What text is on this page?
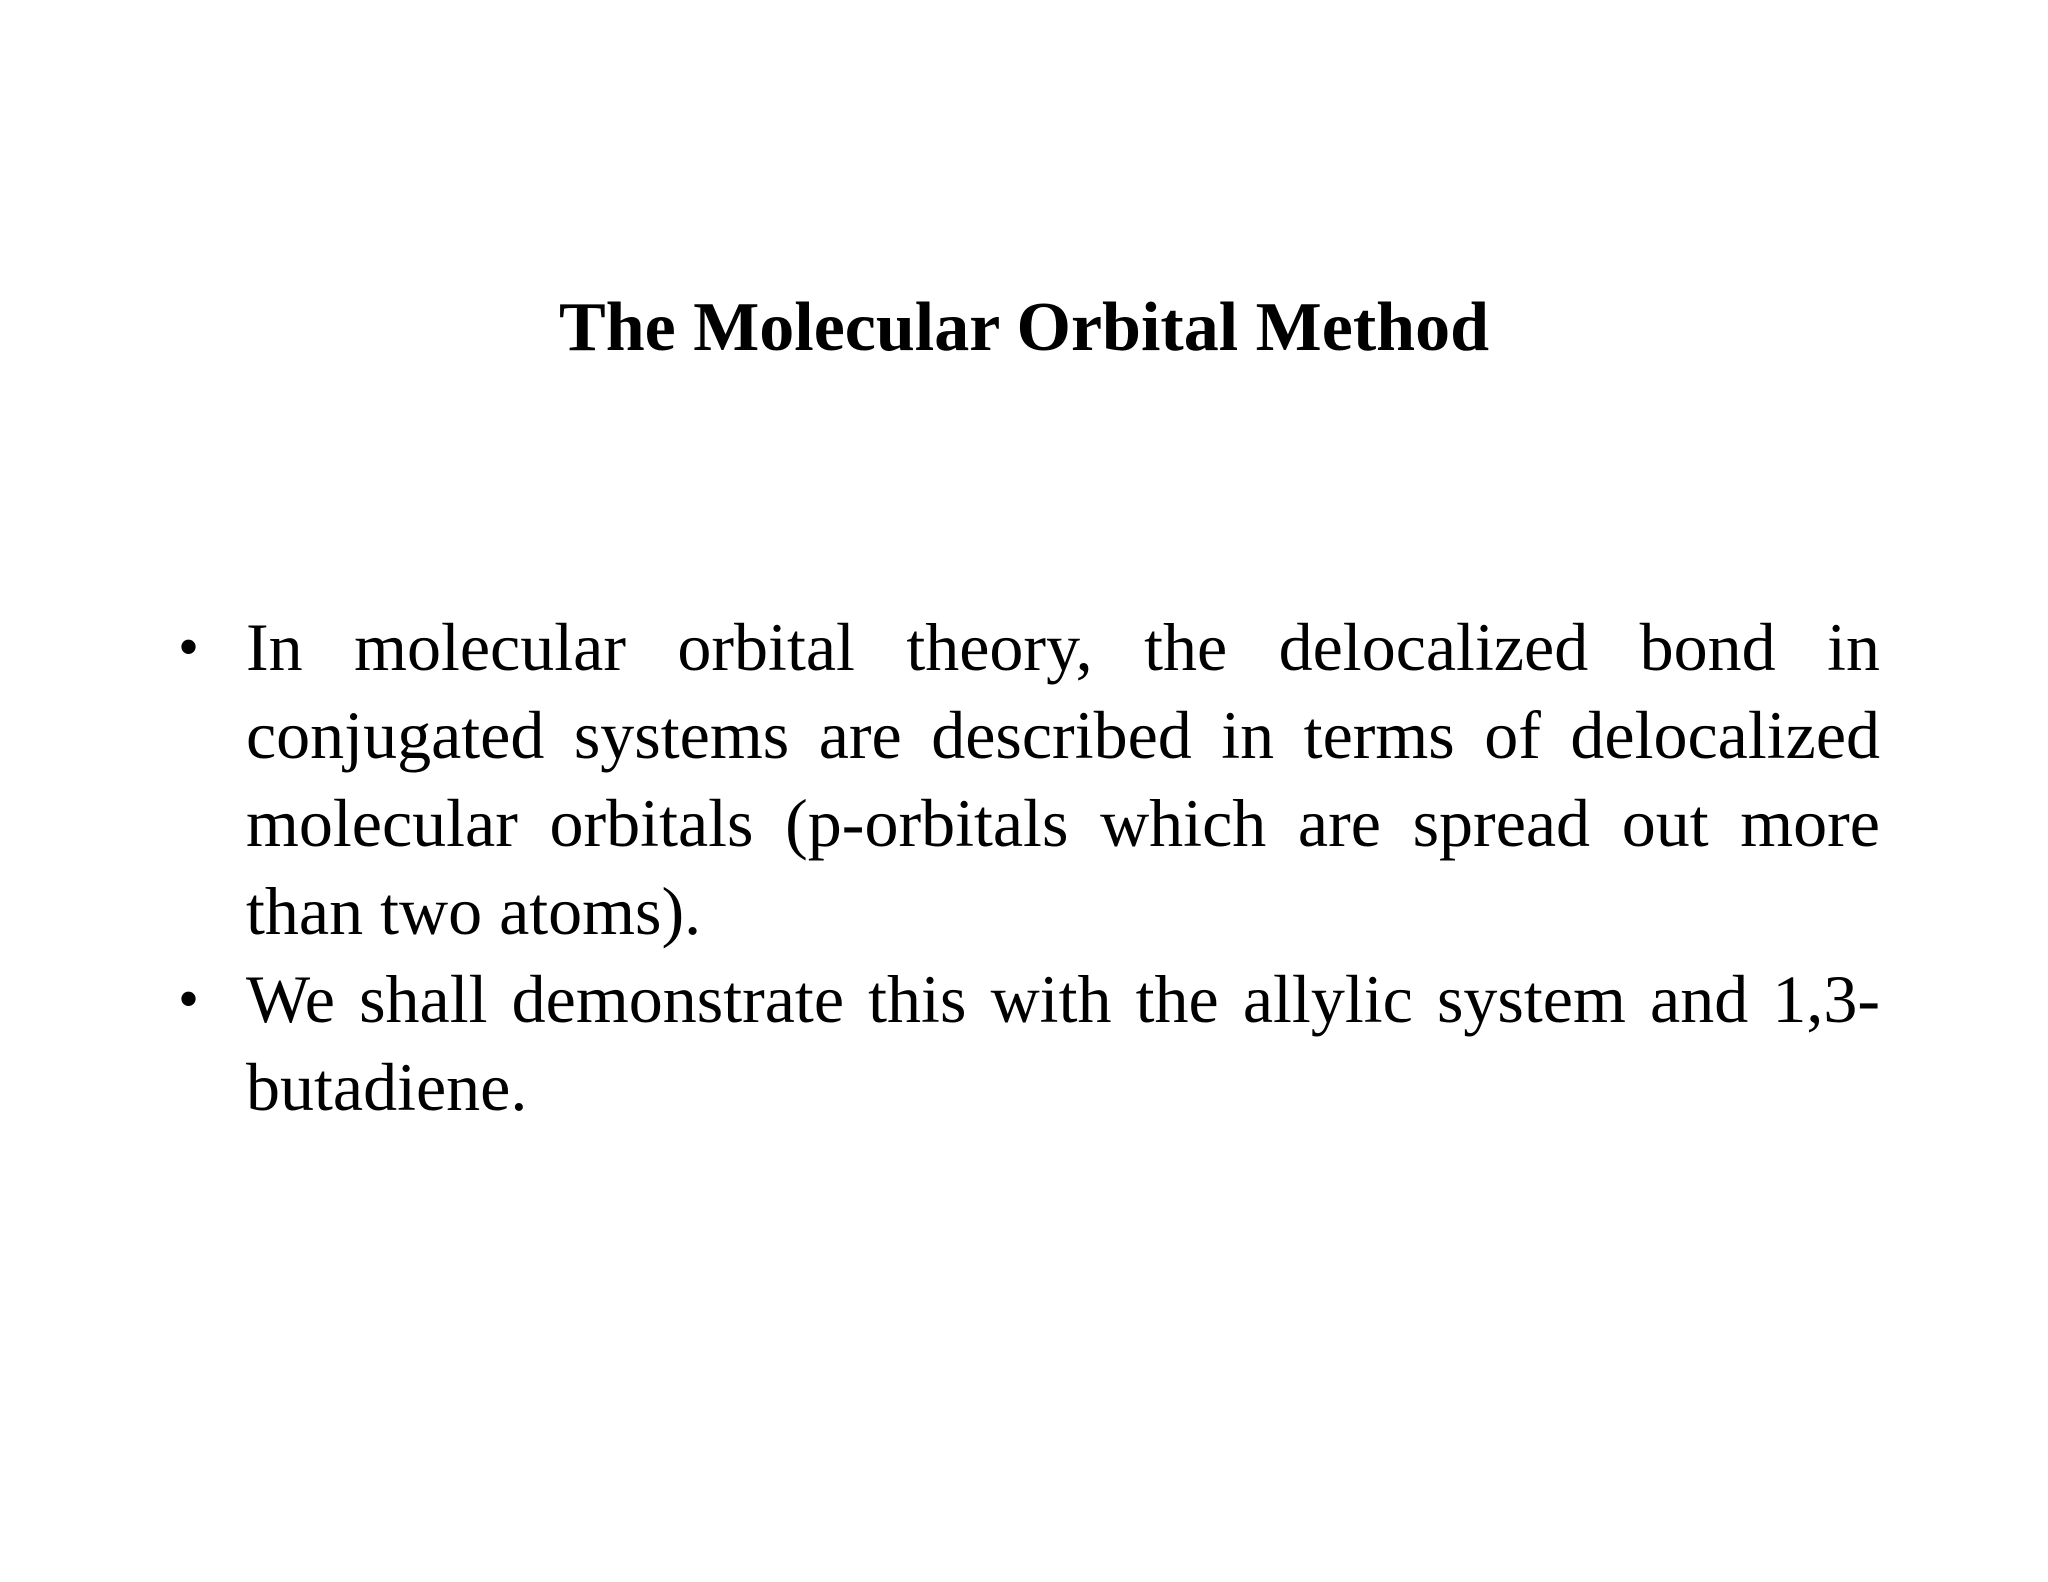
The Molecular Orbital Method
• In molecular orbital theory, the delocalized bond in conjugated systems are described in terms of delocalized molecular orbitals (p-orbitals which are spread out more than two atoms).
• We shall demonstrate this with the allylic system and 1,3-butadiene.
